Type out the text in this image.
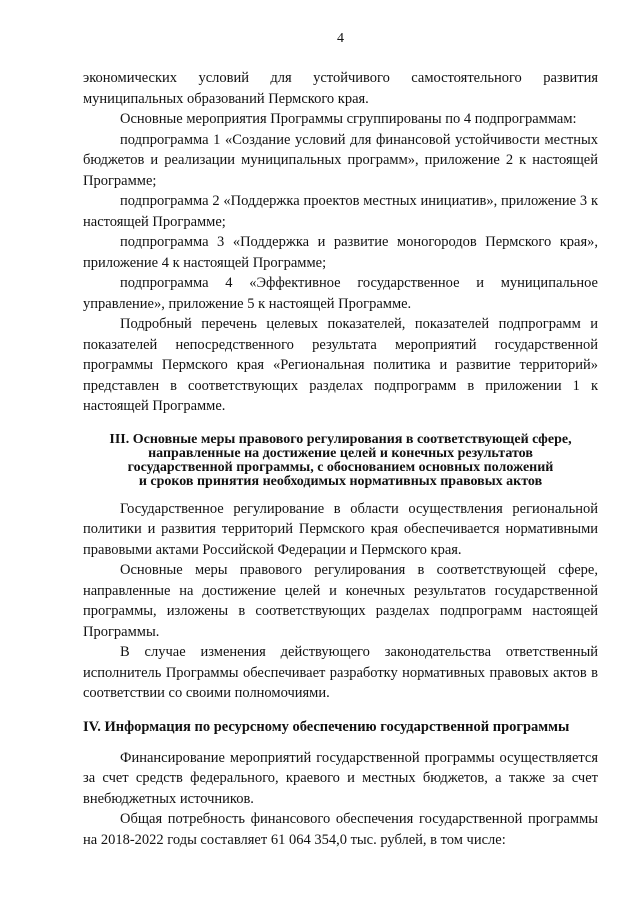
4

экономических условий для устойчивого самостоятельного развития муниципальных образований Пермского края.

Основные мероприятия Программы сгруппированы по 4 подпрограммам:

подпрограмма 1 «Создание условий для финансовой устойчивости местных бюджетов и реализации муниципальных программ», приложение 2 к настоящей Программе;

подпрограмма 2 «Поддержка проектов местных инициатив», приложение 3 к настоящей Программе;

подпрограмма 3 «Поддержка и развитие моногородов Пермского края», приложение 4 к настоящей Программе;

подпрограмма 4 «Эффективное государственное и муниципальное управление», приложение 5 к настоящей Программе.

Подробный перечень целевых показателей, показателей подпрограмм и показателей непосредственного результата мероприятий государственной программы Пермского края «Региональная политика и развитие территорий» представлен в соответствующих разделах подпрограмм в приложении 1 к настоящей Программе.

III. Основные меры правового регулирования в соответствующей сфере,
направленные на достижение целей и конечных результатов
государственной программы, с обоснованием основных положений
и сроков принятия необходимых нормативных правовых актов

Государственное регулирование в области осуществления региональной политики и развития территорий Пермского края обеспечивается нормативными правовыми актами Российской Федерации и Пермского края.

Основные меры правового регулирования в соответствующей сфере, направленные на достижение целей и конечных результатов государственной программы, изложены в соответствующих разделах подпрограмм настоящей Программы.

В случае изменения действующего законодательства ответственный исполнитель Программы обеспечивает разработку нормативных правовых актов в соответствии со своими полномочиями.

IV. Информация по ресурсному обеспечению государственной программы

Финансирование мероприятий государственной программы осуществляется за счет средств федерального, краевого и местных бюджетов, а также за счет внебюджетных источников.

Общая потребность финансового обеспечения государственной программы на 2018-2022 годы составляет 61 064 354,0 тыс. рублей, в том числе:
